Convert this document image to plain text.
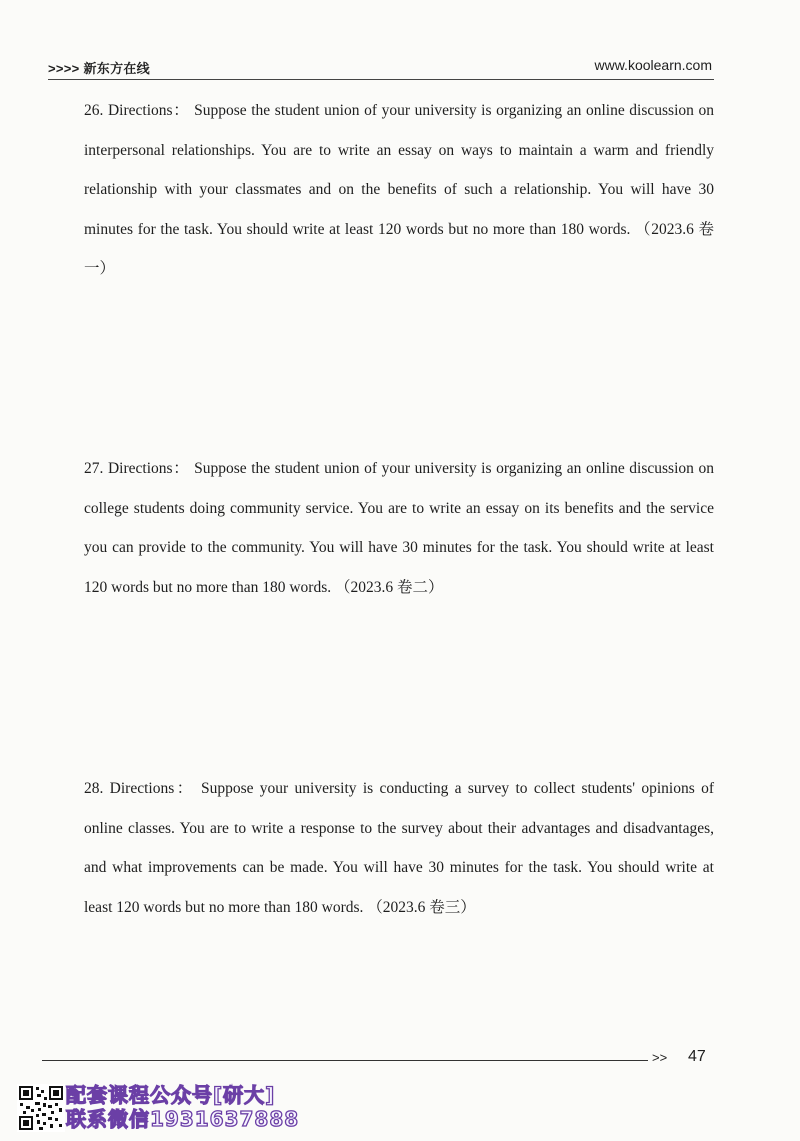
>>>> 新东方在线	www.koolearn.com
26. Directions： Suppose the student union of your university is organizing an online discussion on interpersonal relationships. You are to write an essay on ways to maintain a warm and friendly relationship with your classmates and on the benefits of such a relationship. You will have 30 minutes for the task. You should write at least 120 words but no more than 180 words. （2023.6 卷一）
27. Directions： Suppose the student union of your university is organizing an online discussion on college students doing community service. You are to write an essay on its benefits and the service you can provide to the community. You will have 30 minutes for the task. You should write at least 120 words but no more than 180 words. （2023.6 卷二）
28. Directions： Suppose your university is conducting a survey to collect students' opinions of online classes. You are to write a response to the survey about their advantages and disadvantages, and what improvements can be made. You will have 30 minutes for the task. You should write at least 120 words but no more than 180 words. （2023.6 卷三）
>> 47
配套课程公众号[研大]
联系微信1931637888
